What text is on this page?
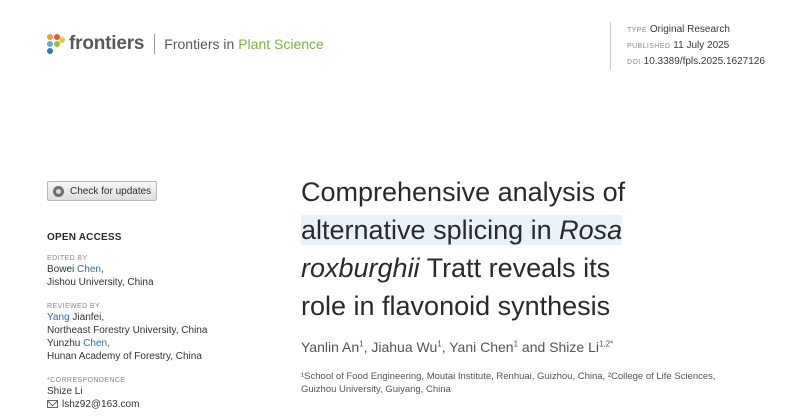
frontiers Frontiers in Plant Science
TYPE Original Research
PUBLISHED 11 July 2025
DOI 10.3389/fpls.2025.1627126
Check for updates
OPEN ACCESS
EDITED BY
Bowei Chen,
Jishou University, China
REVIEWED BY
Yang Jianfei,
Northeast Forestry University, China
Yunzhu Chen,
Hunan Academy of Forestry, China
*CORRESPONDENCE
Shize Li
lshz92@163.com
Comprehensive analysis of
alternative splicing in Rosa
roxburghii Tratt reveals its
role in flavonoid synthesis
Yanlin An$^1$, Jiahua Wu$^1$, Yani Chen$^1$ and Shize $Li^{1,2*}$
¹School of Food Engineering, Moutai Institute, Renhuai, Guizhou, China, ²College of Life Sciences,
Guizhou University, Guiyang, China
